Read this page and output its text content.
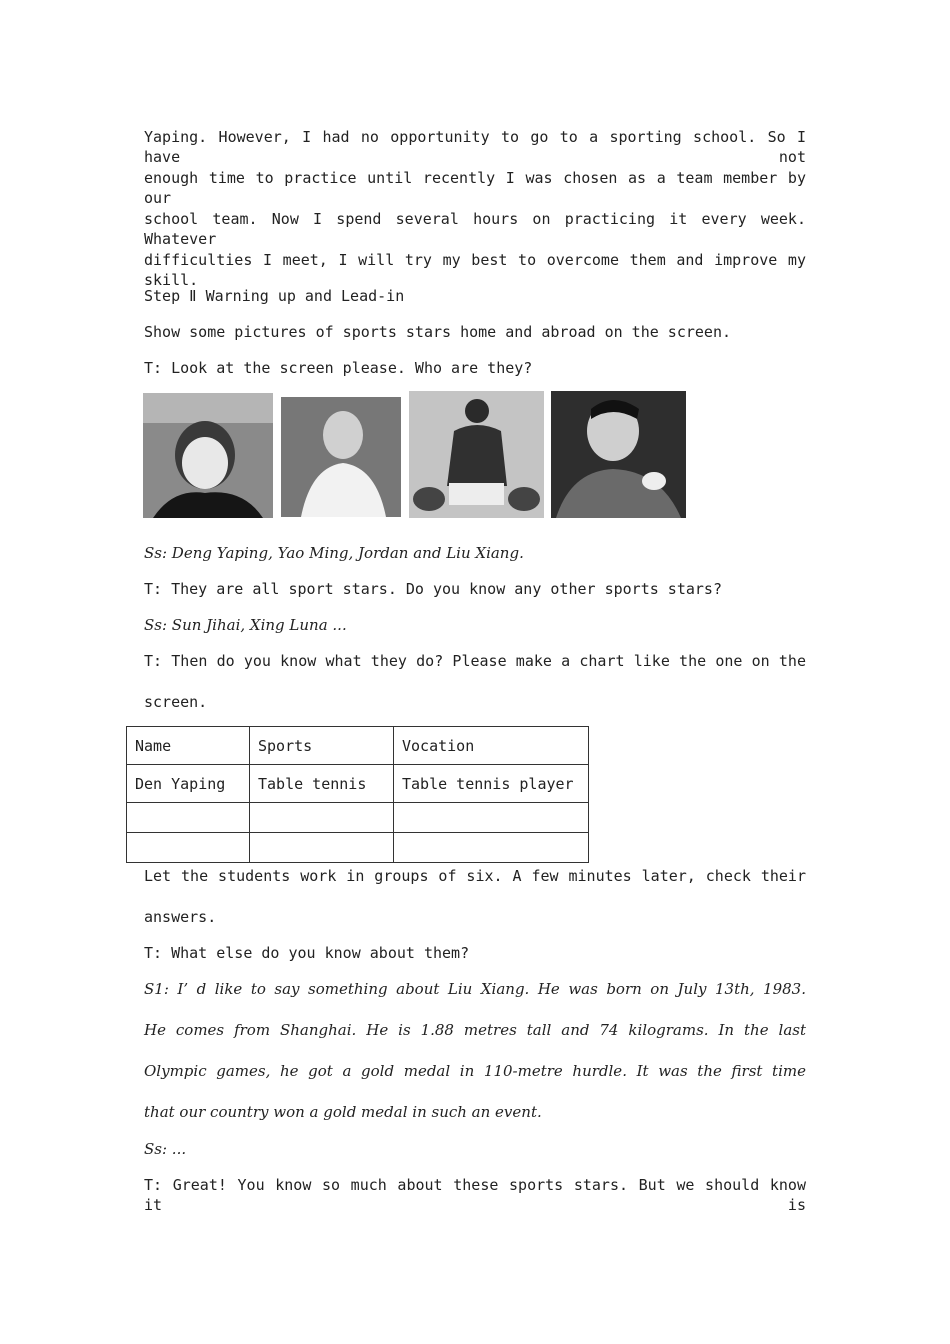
Yaping. However, I had no opportunity to go to a sporting school. So I have not
enough time to practice until recently I was chosen as a team member by our
school team. Now I spend several hours on practicing it every week. Whatever
difficulties I meet, I will try my best to overcome them and improve my skill.
Step Ⅱ Warning up and Lead-in
Show some pictures of sports stars home and abroad on the screen.
T: Look at the screen please. Who are they?
Ss: Deng Yaping, Yao Ming, Jordan and Liu Xiang.
T: They are all sport stars. Do you know any other sports stars?
Ss: Sun Jihai, Xing Luna ...
T: Then do you know what they do? Please make a chart like the one on the
screen.
Name	Sports	Vocation
Den Yaping	Table tennis	Table tennis player

Let the students work in groups of six. A few minutes later, check their
answers.
T: What else do you know about them?
S1: I’ d like to say something about Liu Xiang. He was born on July 13th, 1983.
He comes from Shanghai. He is 1.88 metres tall and 74 kilograms. In the last
Olympic games, he got a gold medal in 110-metre hurdle. It was the first time
that our country won a gold medal in such an event.
Ss: ...
T: Great! You know so much about these sports stars. But we should know it is
